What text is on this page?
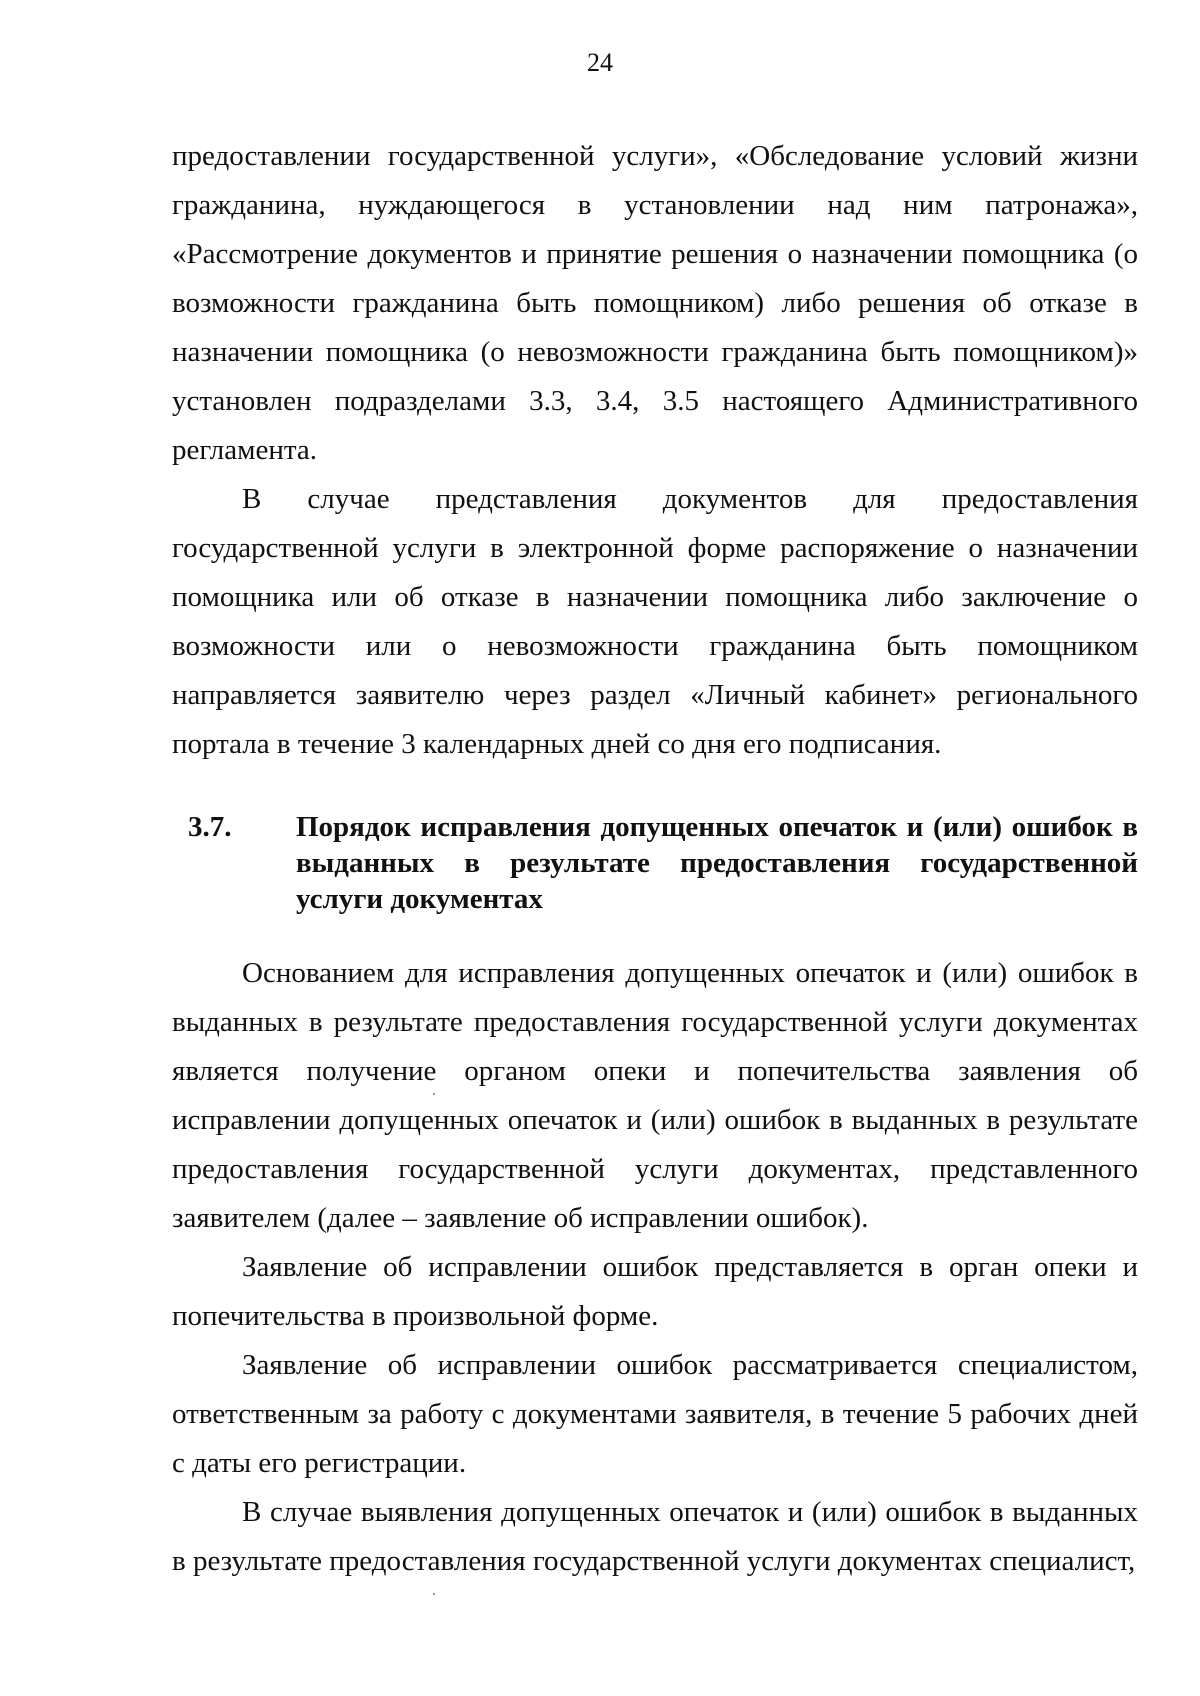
24

предоставлении государственной услуги», «Обследование условий жизни гражданина, нуждающегося в установлении над ним патронажа», «Рассмотрение документов и принятие решения о назначении помощника (о возможности гражданина быть помощником) либо решения об отказе в назначении помощника (о невозможности гражданина быть помощником)» установлен подразделами 3.3, 3.4, 3.5 настоящего Административного регламента.

В случае представления документов для предоставления государственной услуги в электронной форме распоряжение о назначении помощника или об отказе в назначении помощника либо заключение о возможности или о невозможности гражданина быть помощником направляется заявителю через раздел «Личный кабинет» регионального портала в течение 3 календарных дней со дня его подписания.

3.7. Порядок исправления допущенных опечаток и (или) ошибок в выданных в результате предоставления государственной услуги документах

Основанием для исправления допущенных опечаток и (или) ошибок в выданных в результате предоставления государственной услуги документах является получение органом опеки и попечительства заявления об исправлении допущенных опечаток и (или) ошибок в выданных в результате предоставления государственной услуги документах, представленного заявителем (далее – заявление об исправлении ошибок).

Заявление об исправлении ошибок представляется в орган опеки и попечительства в произвольной форме.

Заявление об исправлении ошибок рассматривается специалистом, ответственным за работу с документами заявителя, в течение 5 рабочих дней с даты его регистрации.

В случае выявления допущенных опечаток и (или) ошибок в выданных в результате предоставления государственной услуги документах специалист,
